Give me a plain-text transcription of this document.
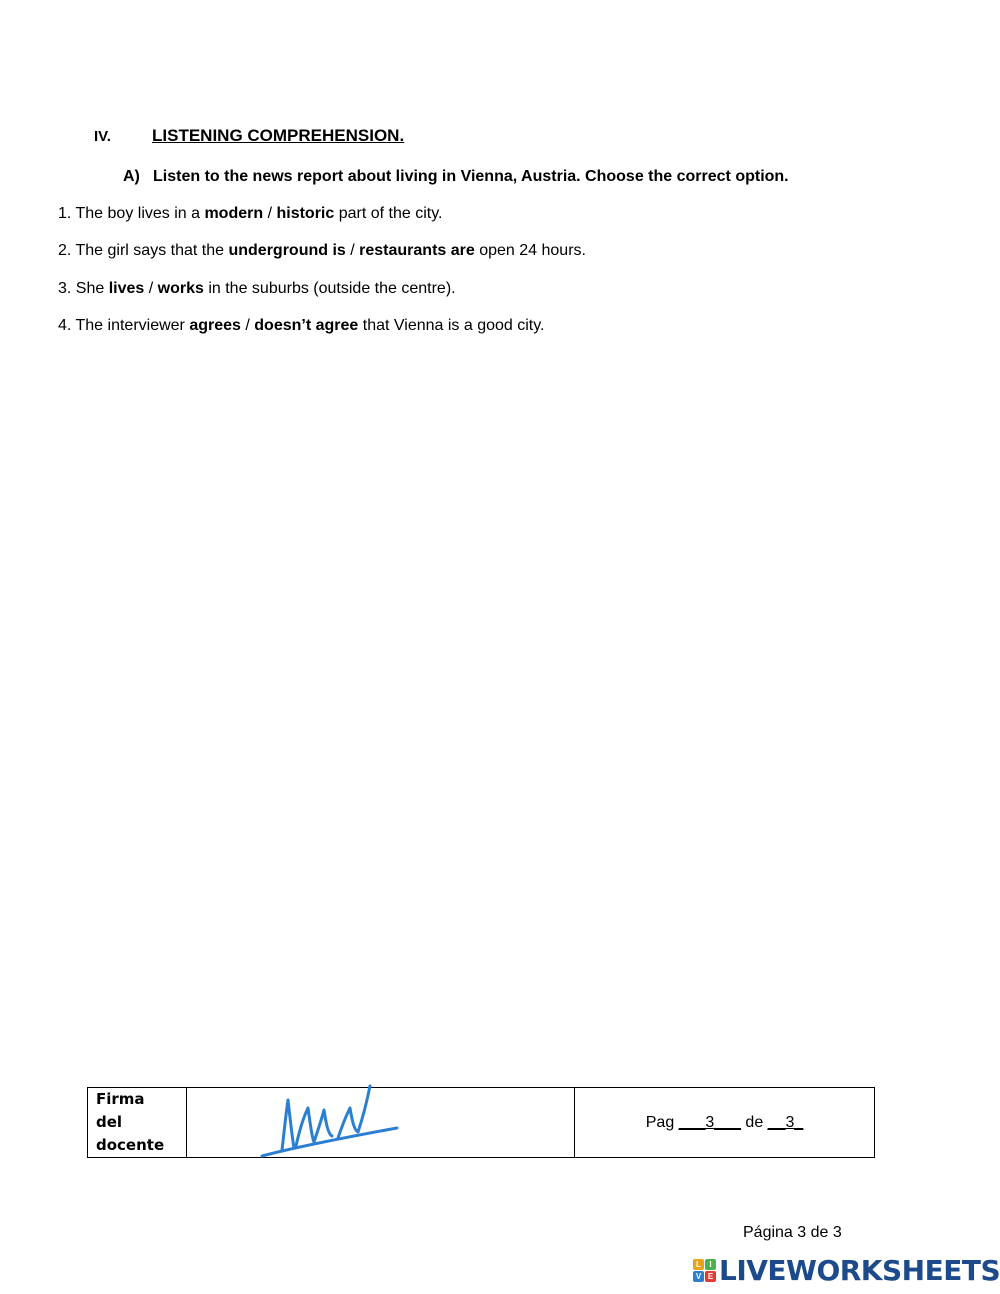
IV. LISTENING COMPREHENSION.
A) Listen to the news report about living in Vienna, Austria. Choose the correct option.
1. The boy lives in a modern / historic part of the city.
2. The girl says that the underground is / restaurants are open 24 hours.
3. She lives / works in the suburbs (outside the centre).
4. The interviewer agrees / doesn’t agree that Vienna is a good city.
Firma
del
docente

	Pag ___3___ de __3_
Página 3 de 3
L	I
V E LIVEWORKSHEETS
